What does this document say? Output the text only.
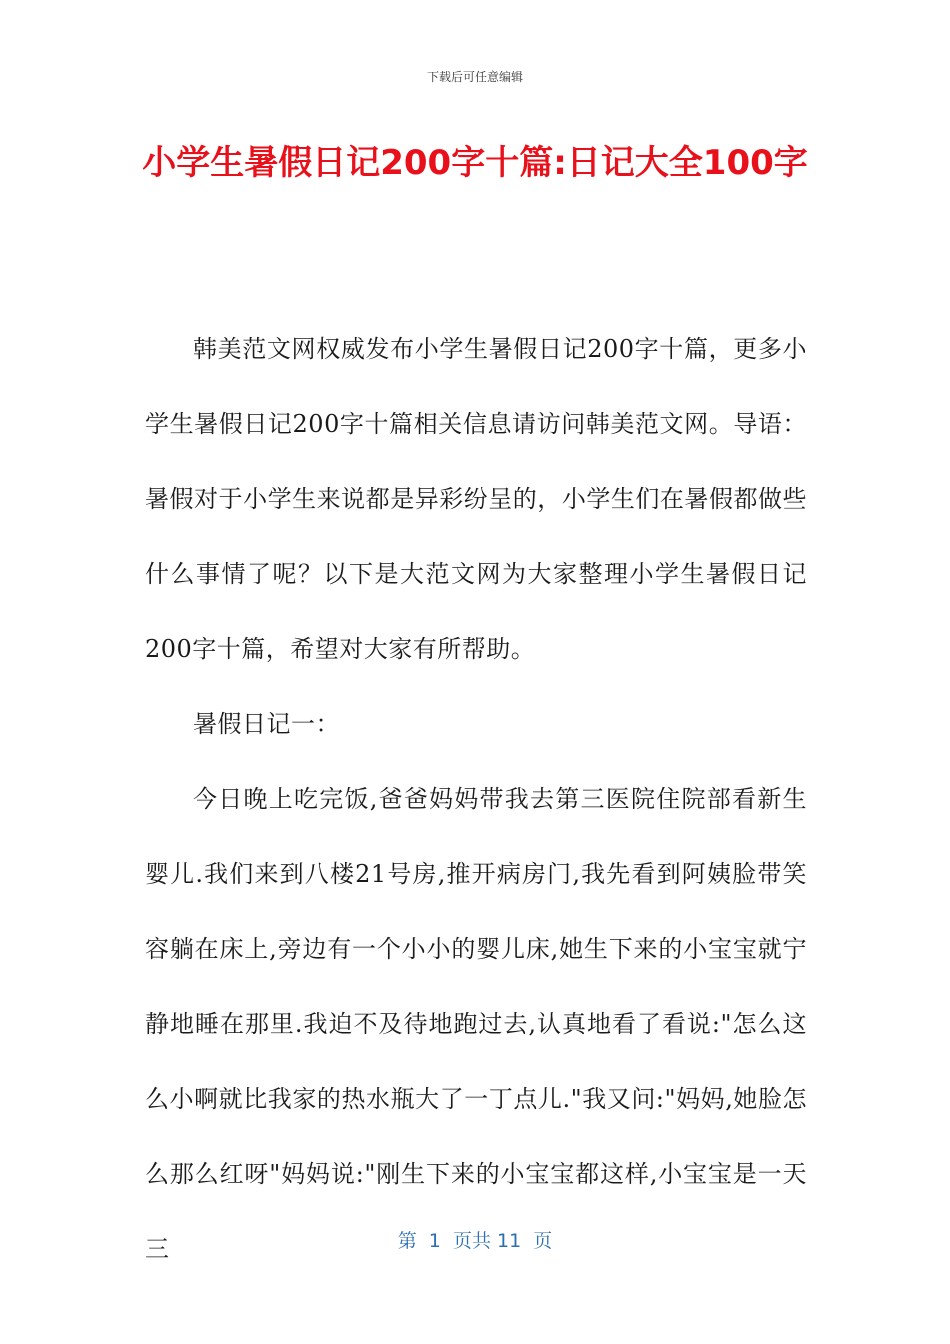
下载后可任意编辑
小学生暑假日记200字十篇:日记大全100字

韩美范文网权威发布小学生暑假日记200字十篇，更多小学生暑假日记200字十篇相关信息请访问韩美范文网。导语：暑假对于小学生来说都是异彩纷呈的，小学生们在暑假都做些什么事情了呢？以下是大范文网为大家整理小学生暑假日记200字十篇，希望对大家有所帮助。

暑假日记一：

今日晚上吃完饭,爸爸妈妈带我去第三医院住院部看新生婴儿.我们来到八楼21号房,推开病房门,我先看到阿姨脸带笑容躺在床上,旁边有一个小小的婴儿床,她生下来的小宝宝就宁静地睡在那里.我迫不及待地跑过去,认真地看了看说:"怎么这么小啊就比我家的热水瓶大了一丁点儿."我又问:"妈妈,她脸怎么那么红呀"妈妈说:"刚生下来的小宝宝都这样,小宝宝是一天三	第  1  页共 11  页
